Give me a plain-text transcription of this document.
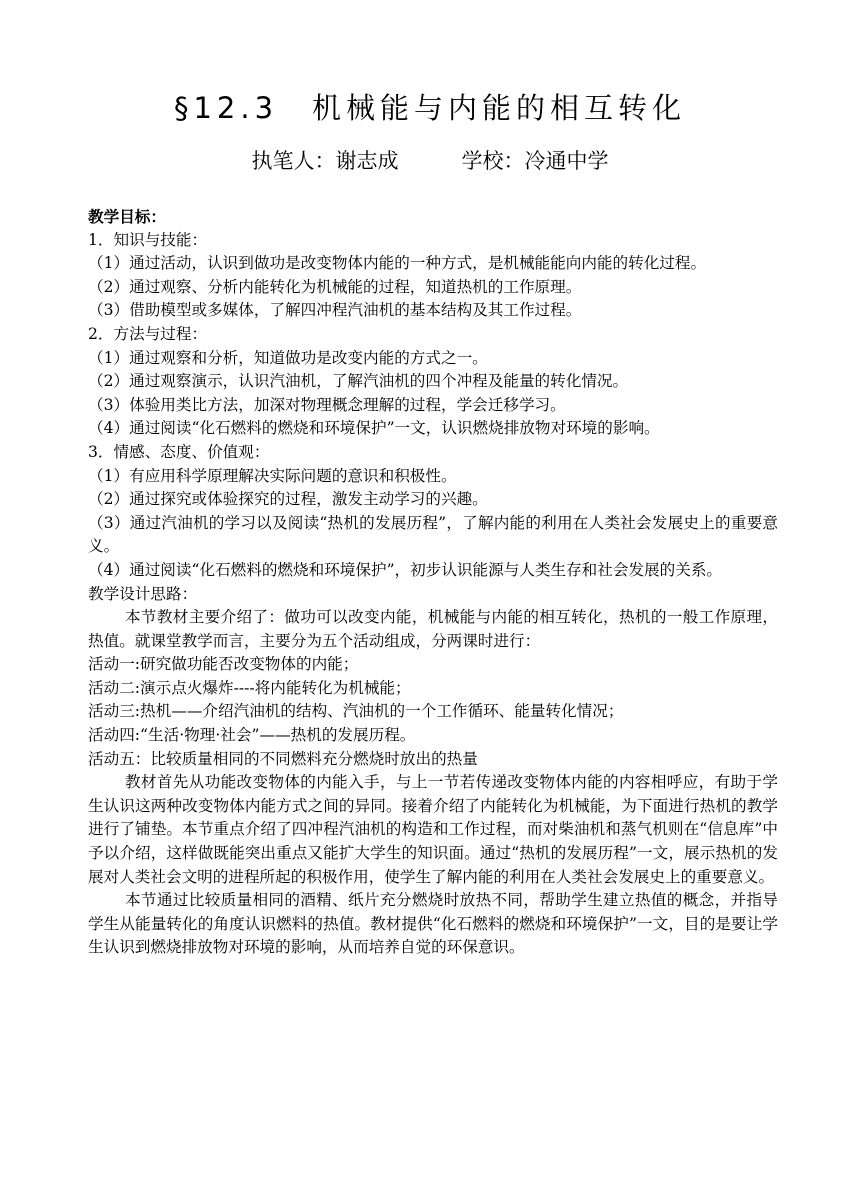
§12.3　机械能与内能的相互转化
执笔人：谢志成　　　学校：冷通中学

教学目标：

1．知识与技能：

（1）通过活动，认识到做功是改变物体内能的一种方式，是机械能能向内能的转化过程。

（2）通过观察、分析内能转化为机械能的过程，知道热机的工作原理。

（3）借助模型或多媒体，了解四冲程汽油机的基本结构及其工作过程。

2．方法与过程：

（1）通过观察和分析，知道做功是改变内能的方式之一。

（2）通过观察演示，认识汽油机，了解汽油机的四个冲程及能量的转化情况。

（3）体验用类比方法，加深对物理概念理解的过程，学会迁移学习。

（4）通过阅读“化石燃料的燃烧和环境保护”一文，认识燃烧排放物对环境的影响。

3．情感、态度、价值观：

（1）有应用科学原理解决实际问题的意识和积极性。

（2）通过探究或体验探究的过程，激发主动学习的兴趣。

（3）通过汽油机的学习以及阅读“热机的发展历程”，了解内能的利用在人类社会发展史上的重要意义。

（4）通过阅读“化石燃料的燃烧和环境保护”，初步认识能源与人类生存和社会发展的关系。

教学设计思路：

本节教材主要介绍了：做功可以改变内能，机械能与内能的相互转化，热机的一般工作原理，热值。就课堂教学而言，主要分为五个活动组成，分两课时进行：

活动一:研究做功能否改变物体的内能；

活动二:演示点火爆炸----将内能转化为机械能；

活动三:热机——介绍汽油机的结构、汽油机的一个工作循环、能量转化情况；

活动四:“生活·物理·社会”——热机的发展历程。

活动五：比较质量相同的不同燃料充分燃烧时放出的热量

教材首先从功能改变物体的内能入手，与上一节若传递改变物体内能的内容相呼应，有助于学生认识这两种改变物体内能方式之间的异同。接着介绍了内能转化为机械能，为下面进行热机的教学进行了铺垫。本节重点介绍了四冲程汽油机的构造和工作过程，而对柴油机和蒸气机则在“信息库”中予以介绍，这样做既能突出重点又能扩大学生的知识面。通过“热机的发展历程”一文，展示热机的发展对人类社会文明的进程所起的积极作用，使学生了解内能的利用在人类社会发展史上的重要意义。

本节通过比较质量相同的酒精、纸片充分燃烧时放热不同，帮助学生建立热值的概念，并指导学生从能量转化的角度认识燃料的热值。教材提供“化石燃料的燃烧和环境保护”一文，目的是要让学生认识到燃烧排放物对环境的影响，从而培养自觉的环保意识。
